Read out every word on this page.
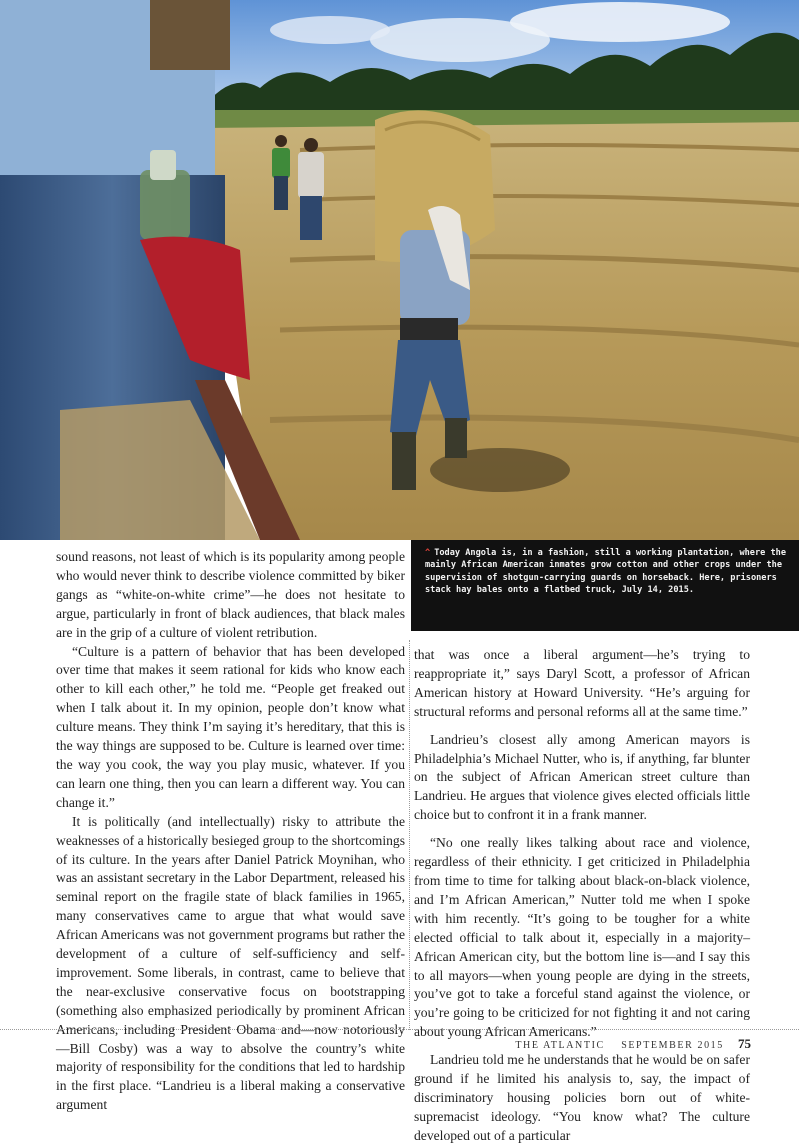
^ Today Angola is, in a fashion, still a working plantation, where the mainly African American inmates grow cotton and other crops under the supervision of shotgun-carrying guards on horseback. Here, prisoners stack hay bales onto a flatbed truck, July 14, 2015.

sound reasons, not least of which is its popularity among people who would never think to describe violence committed by biker gangs as “white-on-white crime”—he does not hesitate to argue, particularly in front of black audiences, that black males are in the grip of a culture of violent retribution.

“Culture is a pattern of behavior that has been developed over time that makes it seem rational for kids who know each other to kill each other,” he told me. “People get freaked out when I talk about it. In my opinion, people don’t know what culture means. They think I’m saying it’s hereditary, that this is the way things are supposed to be. Culture is learned over time: the way you cook, the way you play music, whatever. If you can learn one thing, then you can learn a different way. You can change it.”

It is politically (and intellectually) risky to attribute the weaknesses of a historically besieged group to the shortcomings of its culture. In the years after Daniel Patrick Moynihan, who was an assistant secretary in the Labor Department, released his seminal report on the fragile state of black families in 1965, many conservatives came to argue that what would save African Americans was not government programs but rather the development of a culture of self-sufficiency and self-improvement. Some liberals, in contrast, came to believe that the near-exclusive conservative focus on bootstrapping (something also emphasized periodically by prominent African Americans, including President Obama and—now notoriously—Bill Cosby) was a way to absolve the country’s white majority of responsibility for the conditions that led to hardship in the first place. “Landrieu is a liberal making a conservative argument

that was once a liberal argument—he’s trying to reappropriate it,” says Daryl Scott, a professor of African American history at Howard University. “He’s arguing for structural reforms and personal reforms all at the same time.”

Landrieu’s closest ally among American mayors is Philadelphia’s Michael Nutter, who is, if anything, far blunter on the subject of African American street culture than Landrieu. He argues that violence gives elected officials little choice but to confront it in a frank manner.

“No one really likes talking about race and violence, regardless of their ethnicity. I get criticized in Philadelphia from time to time for talking about black-on-black violence, and I’m African American,” Nutter told me when I spoke with him recently. “It’s going to be tougher for a white elected official to talk about it, especially in a majority–African American city, but the bottom line is—and I say this to all mayors—when young people are dying in the streets, you’ve got to take a forceful stand against the violence, or you’re going to be criticized for not fighting it and not caring about young African Americans.”

Landrieu told me he understands that he would be on safer ground if he limited his analysis to, say, the impact of discriminatory housing policies born out of white-supremacist ideology. “You know what? The culture developed out of a particular

THE ATLANTIC SEPTEMBER 2015 75
